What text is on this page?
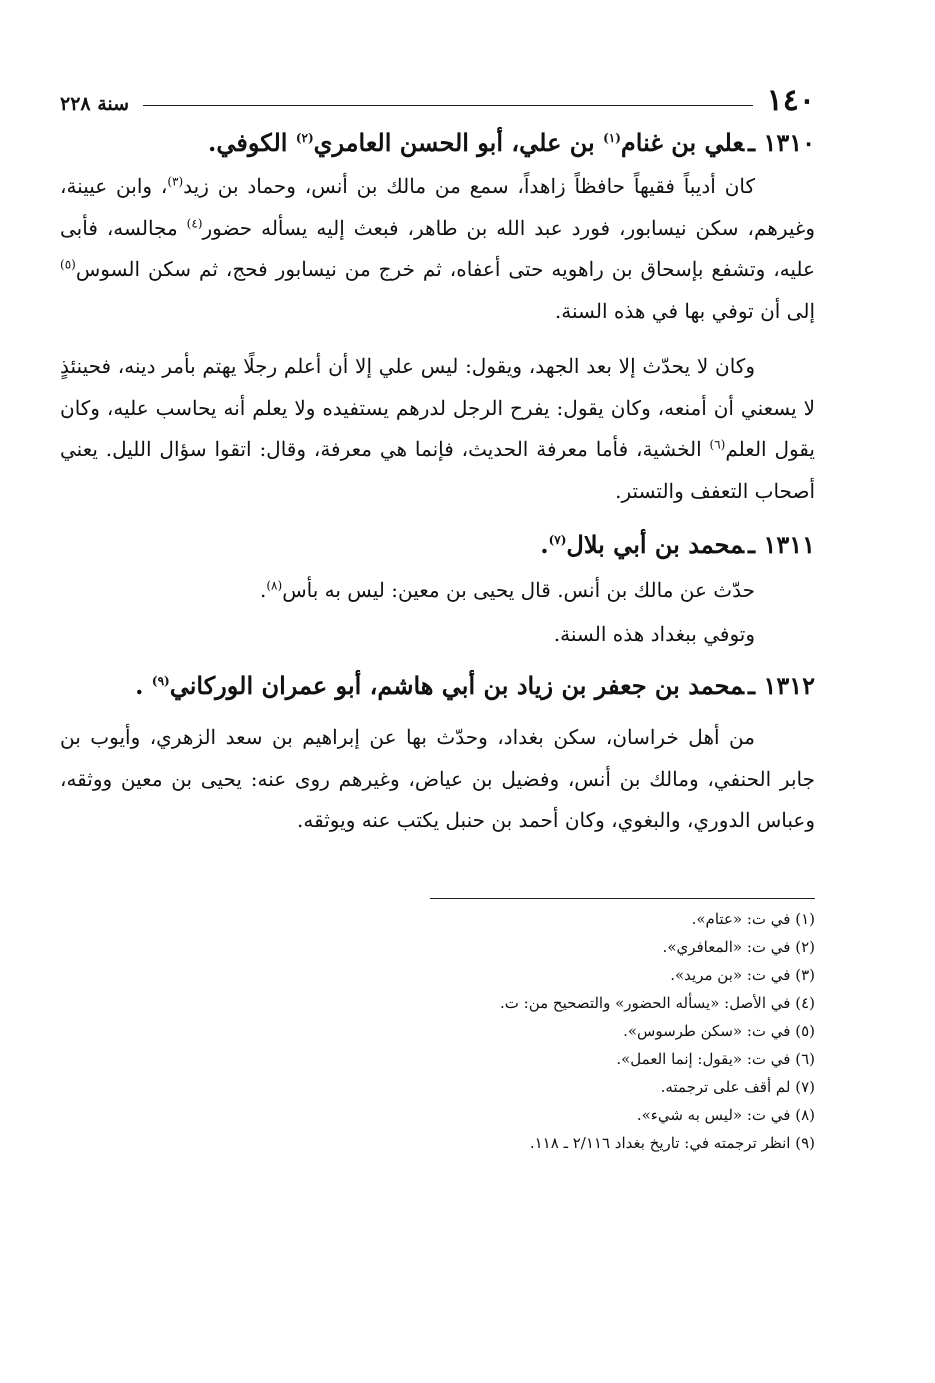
١٤٠
سنة ٢٢٨
١٣١٠ ـعلي بن غنام$^{(١)}$ بن علي، أبو الحسن العامري$^{(٢)}$ الكوفي.

كان أديباً فقيهاً حافظاً زاهداً، سمع من مالك بن أنس، وحماد بن زيد$^{(٣)}$، وابن عيينة، وغيرهم، سكن نيسابور، فورد عبد الله بن طاهر، فبعث إليه يسأله حضور$^{(٤)}$ مجالسه، فأبى عليه، وتشفع بإسحاق بن راهويه حتى أعفاه، ثم خرج من نيسابور فحج، ثم سكن السوس$^{(٥)}$ إلى أن توفي بها في هذه السنة.

وكان لا يحدّث إلا بعد الجهد، ويقول: ليس علي إلا أن أعلم رجلًا يهتم بأمر دينه، فحينئذٍ لا يسعني أن أمنعه، وكان يقول: يفرح الرجل لدرهم يستفيده ولا يعلم أنه يحاسب عليه، وكان يقول العلم$^{(٦)}$ الخشية، فأما معرفة الحديث، فإنما هي معرفة، وقال: اتقوا سؤال الليل. يعني أصحاب التعفف والتستر.

١٣١١ ـمحمد بن أبي بلال$^{(٧)}$.

حدّث عن مالك بن أنس. قال يحيى بن معين: ليس به بأس$^{(٨)}$.

وتوفي ببغداد هذه السنة.

١٣١٢ ـمحمد بن جعفر بن زياد بن أبي هاشم، أبو عمران الوركاني$^{(٩)}$ .

من أهل خراسان، سكن بغداد، وحدّث بها عن إبراهيم بن سعد الزهري، وأيوب بن جابر الحنفي، ومالك بن أنس، وفضيل بن عياض، وغيرهم روى عنه: يحيى بن معين ووثقه، وعباس الدوري، والبغوي، وكان أحمد بن حنبل يكتب عنه ويوثقه.

(١) في ت: «عتام».
(٢) في ت: «المعافري».
(٣) في ت: «بن مريد».
(٤) في الأصل: «يسأله الحضور» والتصحيح من: ت.
(٥) في ت: «سكن طرسوس».
(٦) في ت: «يقول: إنما العمل».
(٧) لم أقف على ترجمته.
(٨) في ت: «ليس به شيء».
(٩) انظر ترجمته في: تاريخ بغداد ٢/١١٦ ـ ١١٨.
